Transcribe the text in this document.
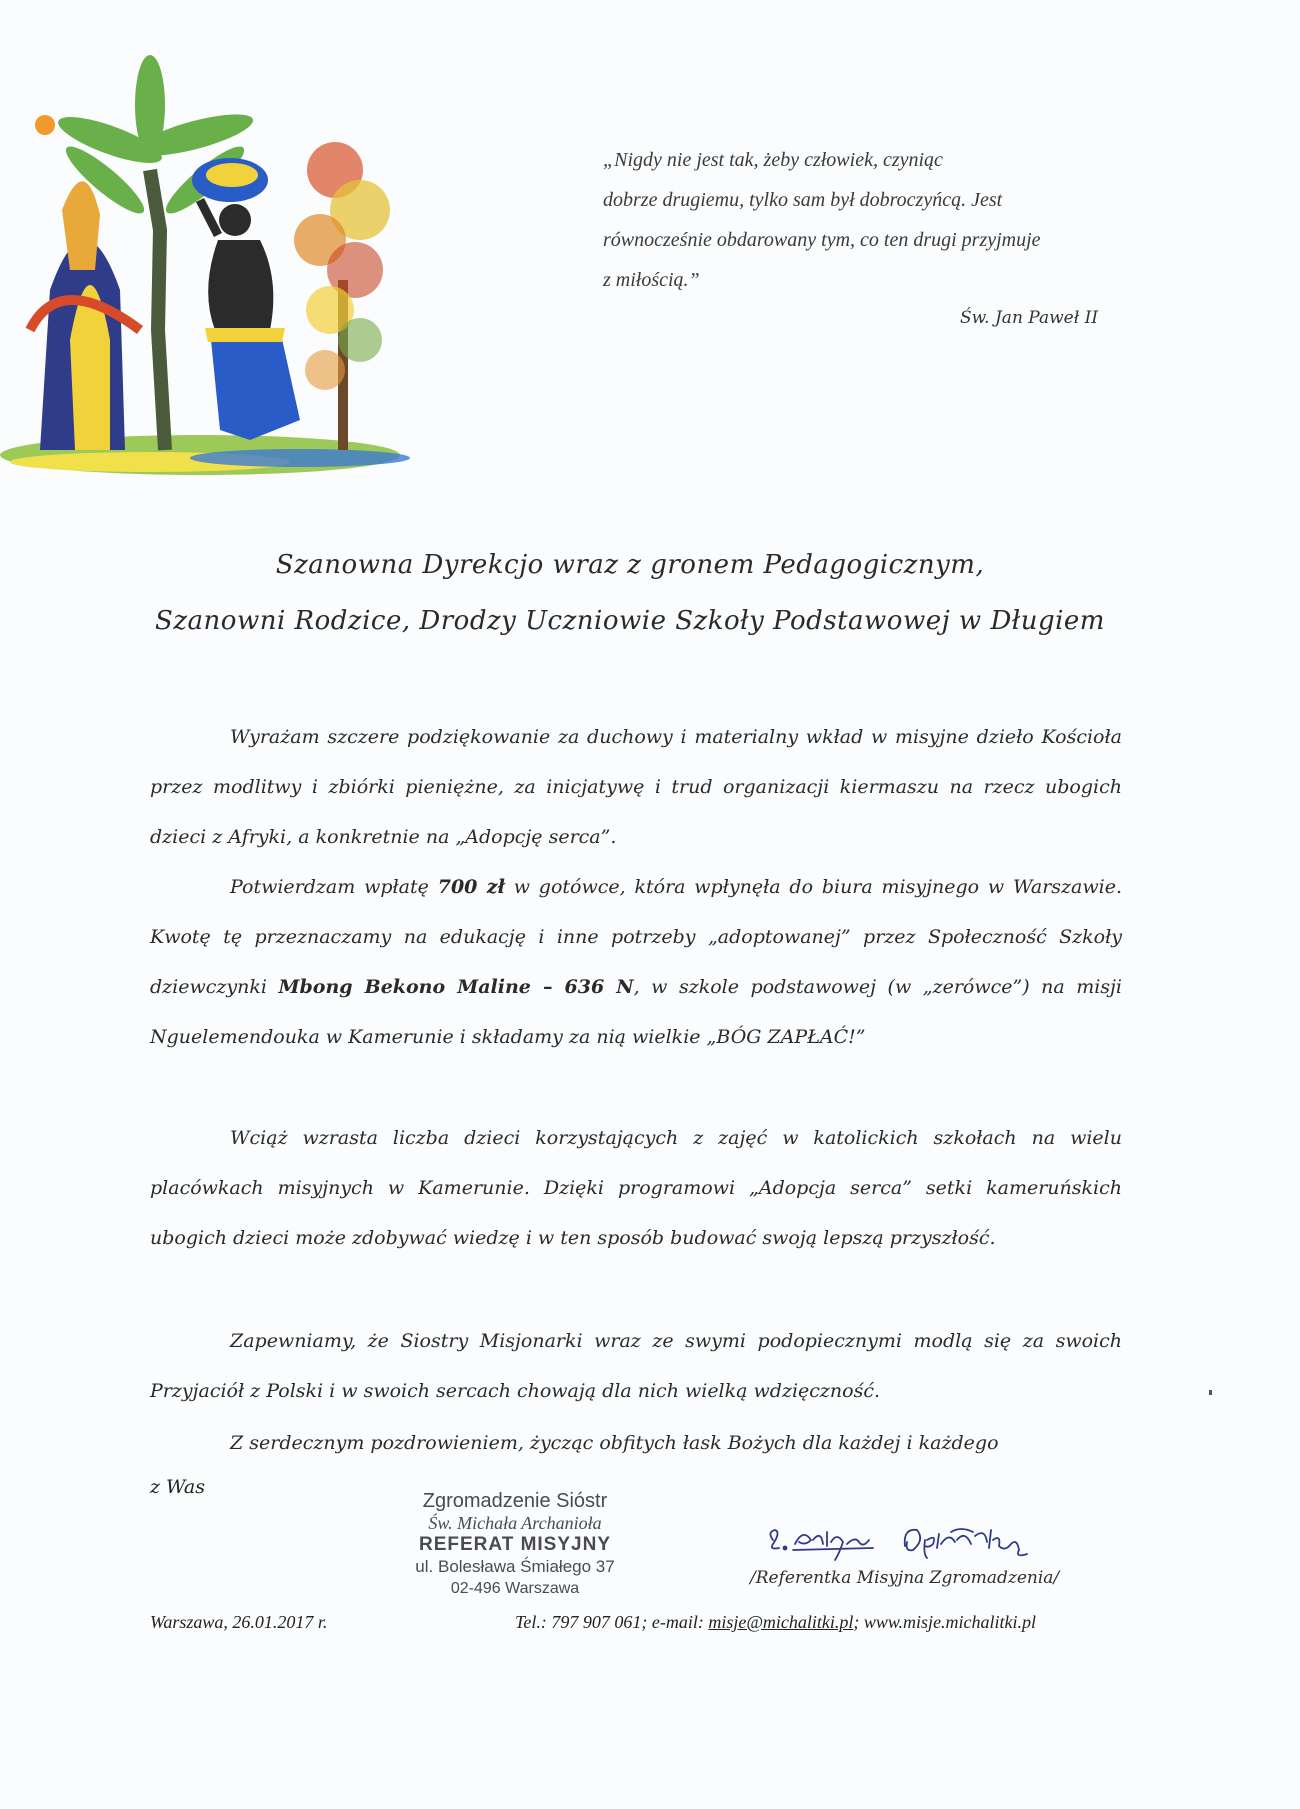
„Nigdy nie jest tak, żeby człowiek, czyniąc
dobrze drugiemu, tylko sam był dobroczyńcą. Jest
równocześnie obdarowany tym, co ten drugi przyjmuje
z miłością.”
Św. Jan Paweł II
Szanowna Dyrekcjo wraz z gronem Pedagogicznym,
Szanowni Rodzice, Drodzy Uczniowie Szkoły Podstawowej w Długiem
Wyrażam szczere podziękowanie za duchowy i materialny wkład w misyjne dzieło Kościoła przez modlitwy i zbiórki pieniężne, za inicjatywę i trud organizacji kiermaszu na rzecz ubogich dzieci z Afryki, a konkretnie na „Adopcję serca”.
Potwierdzam wpłatę 700 zł w gotówce, która wpłynęła do biura misyjnego w Warszawie. Kwotę tę przeznaczamy na edukację i inne potrzeby „adoptowanej” przez Społeczność Szkoły dziewczynki Mbong Bekono Maline – 636 N, w szkole podstawowej (w „zerówce”) na misji Nguelemendouka w Kamerunie i składamy za nią wielkie „BÓG ZAPŁAĆ!”
Wciąż wzrasta liczba dzieci korzystających z zajęć w katolickich szkołach na wielu placówkach misyjnych w Kamerunie. Dzięki programowi „Adopcja serca” setki kameruńskich ubogich dzieci może zdobywać wiedzę i w ten sposób budować swoją lepszą przyszłość.
Zapewniamy, że Siostry Misjonarki wraz ze swymi podopiecznymi modlą się za swoich Przyjaciół z Polski i w swoich sercach chowają dla nich wielką wdzięczność.
Z serdecznym pozdrowieniem, życząc obfitych łask Bożych dla każdej i każdego
z Was
Zgromadzenie Sióstr
Św. Michała Archanioła
REFERAT MISYJNY
ul. Bolesława Śmiałego 37
02-496 Warszawa
/Referentka Misyjna Zgromadzenia/
Warszawa, 26.01.2017 r.	Tel.: 797 907 061; e-mail: misje@michalitki.pl; www.misje.michalitki.pl
